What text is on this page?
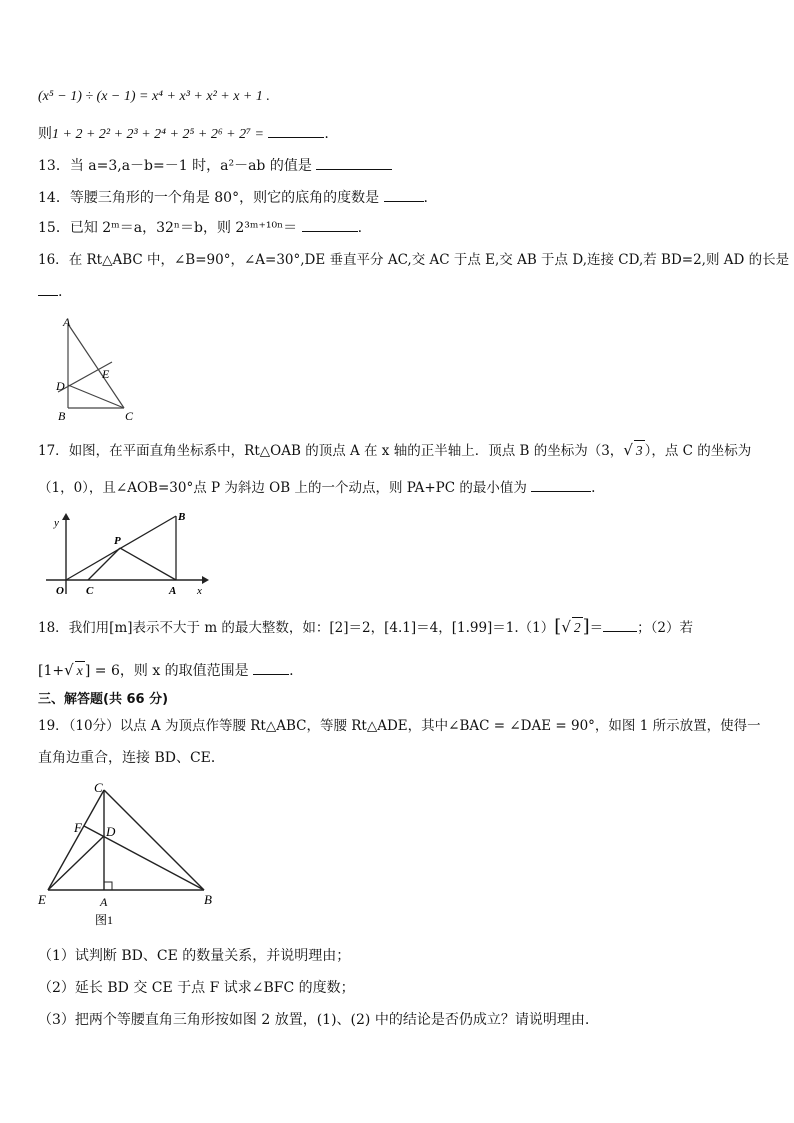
(x⁵ − 1) ÷ (x − 1) = x⁴ + x³ + x² + x + 1 .
则1 + 2 + 2² + 2³ + 2⁴ + 2⁵ + 2⁶ + 2⁷ =	.
13．当 a=3,a－b=－1 时，a²－ab 的值是
14．等腰三角形的一个角是 80°，则它的底角的度数是	.
15．已知 2ᵐ＝a，32ⁿ＝b，则 2³ᵐ⁺¹⁰ⁿ＝	.
16．在 Rt△ABC 中，∠B=90°，∠A=30°,DE 垂直平分 AC,交 AC 于点 E,交 AB 于点 D,连接 CD,若 BD=2,则 AD 的长是
.
A
D
E
B	C
17．如图，在平面直角坐标系中，Rt△OAB 的顶点 A 在 x 轴的正半轴上．顶点 B 的坐标为（3，√ 3 ），点 C 的坐标为
（1，0），且∠AOB=30°点 P 为斜边 OB 上的一个动点，则 PA+PC 的最小值为	.
y
x
O C	A
B
P
18．我们用[m]表示不大于 m 的最大整数，如：[2]＝2，[4.1]＝4，[1.99]＝1.（1）[√ 2 ]＝	；（2）若
[1+√ x ] = 6，则 x 的取值范围是	.
三、解答题(共 66 分)
19．（10分）以点 A 为顶点作等腰 Rt△ABC，等腰 Rt△ADE，其中∠BAC = ∠DAE = 90°，如图 1 所示放置，使得一
直角边重合，连接 BD、CE．
C
F D
E	A	B
图1
（1）试判断 BD、CE 的数量关系，并说明理由；
（2）延长 BD 交 CE 于点 F 试求∠BFC 的度数；
（3）把两个等腰直角三角形按如图 2 放置，(1)、(2) 中的结论是否仍成立？请说明理由.
